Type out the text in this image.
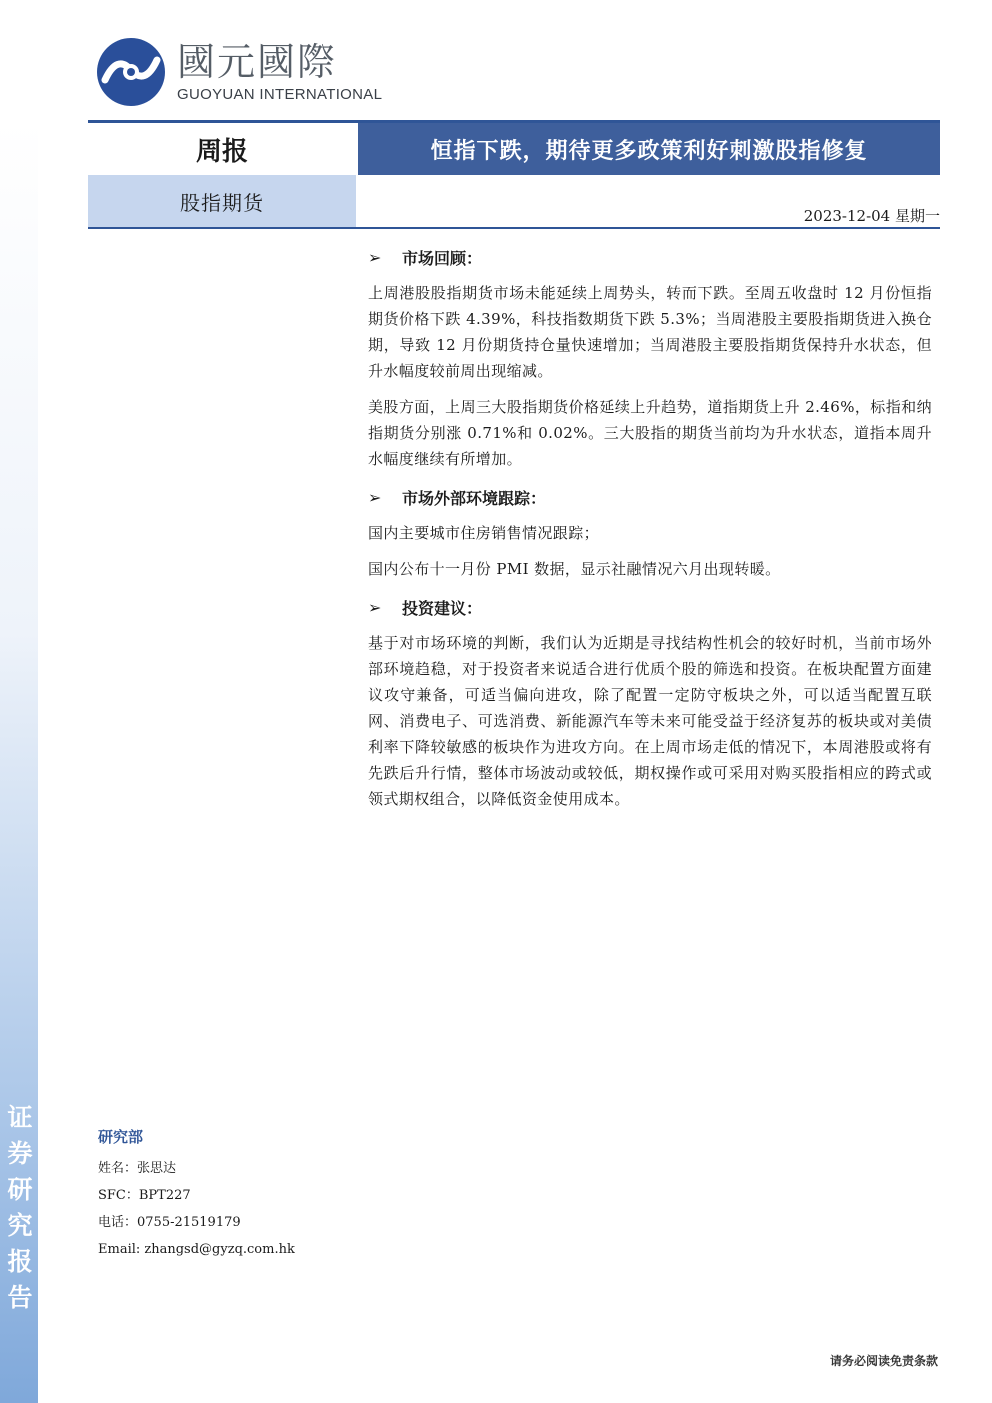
证
券
研
究
报
告
國元國際
GUOYUAN INTERNATIONAL
周报	恒指下跌，期待更多政策利好刺激股指修复
股指期货
2023-12-04 星期一
➢	市场回顾：

上周港股股指期货市场未能延续上周势头，转而下跌。至周五收盘时 12 月份恒指期货价格下跌 4.39%，科技指数期货下跌 5.3%；当周港股主要股指期货进入换仓期，导致 12 月份期货持仓量快速增加；当周港股主要股指期货保持升水状态，但升水幅度较前周出现缩减。

美股方面，上周三大股指期货价格延续上升趋势，道指期货上升 2.46%，标指和纳指期货分别涨 0.71%和 0.02%。三大股指的期货当前均为升水状态，道指本周升水幅度继续有所增加。

➢	市场外部环境跟踪：

国内主要城市住房销售情况跟踪；

国内公布十一月份 PMI 数据，显示社融情况六月出现转暖。

➢	投资建议：

基于对市场环境的判断，我们认为近期是寻找结构性机会的较好时机，当前市场外部环境趋稳，对于投资者来说适合进行优质个股的筛选和投资。在板块配置方面建议攻守兼备，可适当偏向进攻，除了配置一定防守板块之外，可以适当配置互联网、消费电子、可选消费、新能源汽车等未来可能受益于经济复苏的板块或对美债利率下降较敏感的板块作为进攻方向。在上周市场走低的情况下，本周港股或将有先跌后升行情，整体市场波动或较低，期权操作或可采用对购买股指相应的跨式或领式期权组合，以降低资金使用成本。

研究部
姓名：张思达
SFC：BPT227
电话：0755-21519179
Email: zhangsd@gyzq.com.hk
请务必阅读免责条款
